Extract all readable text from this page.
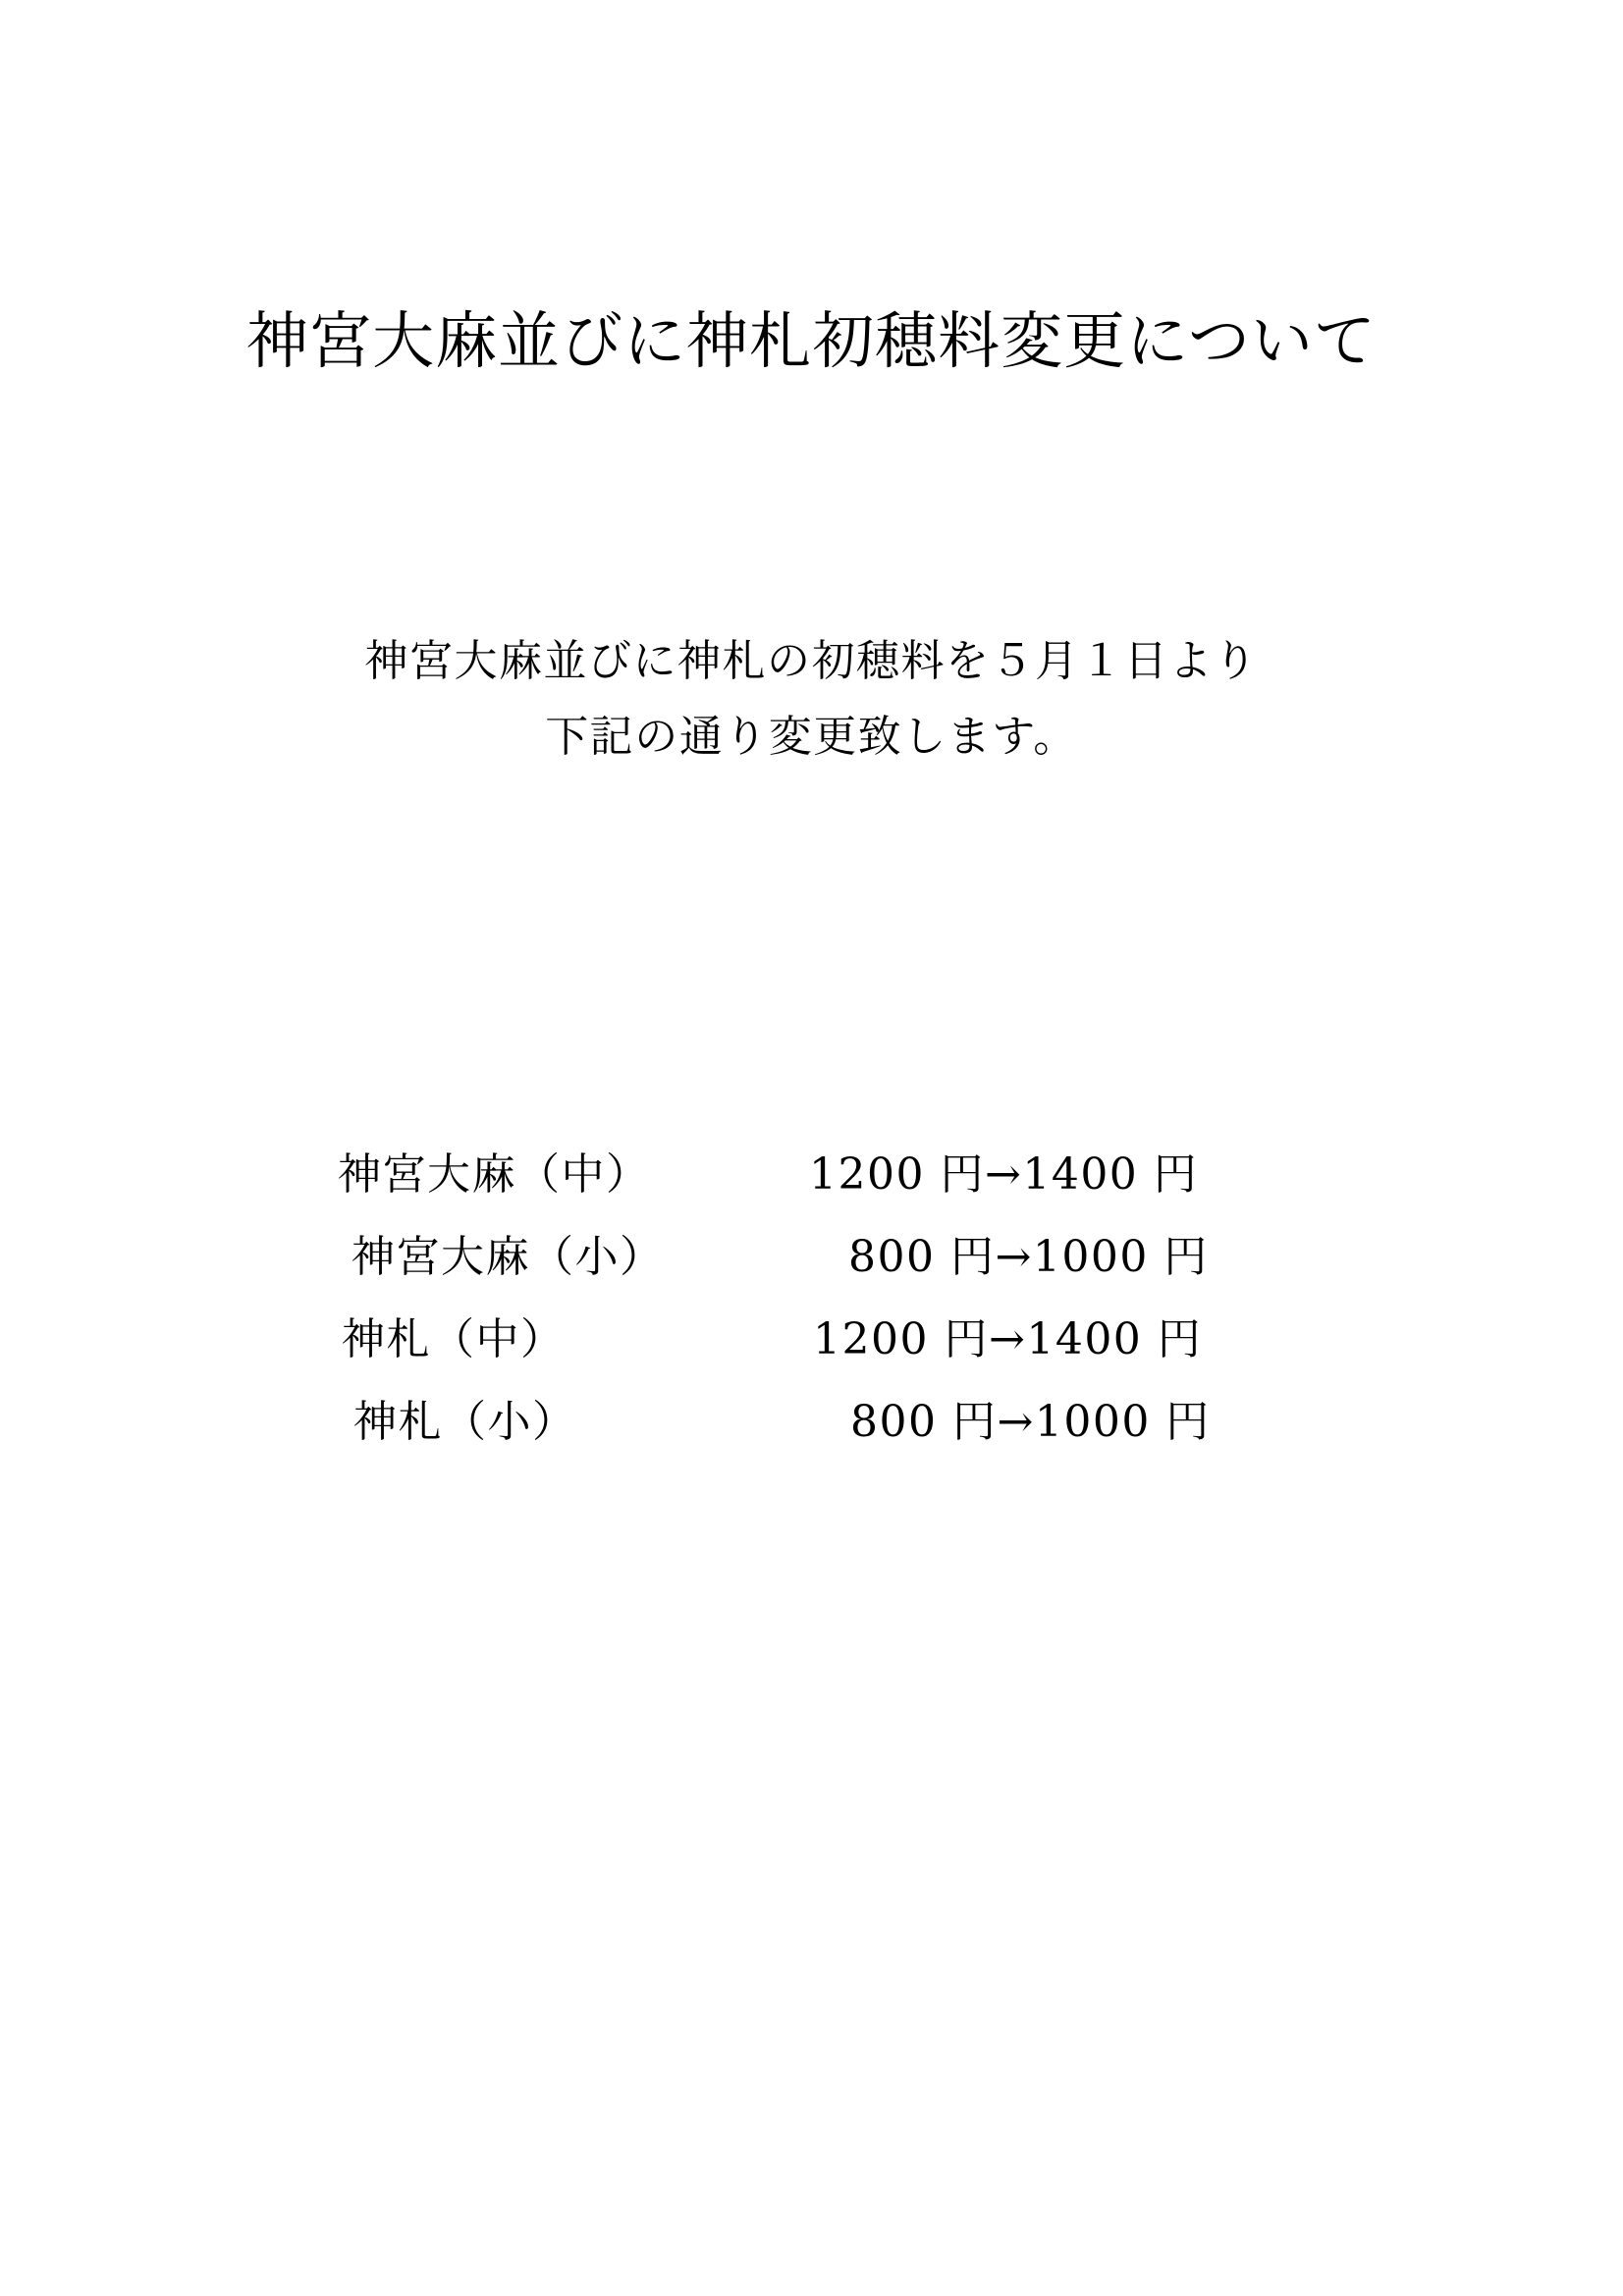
神宮大麻並びに神札初穂料変更について
神宮大麻並びに神札の初穂料を５月１日より
下記の通り変更致します。
神宮大麻（中）	1200 円→1400 円
神宮大麻（小）	800 円→1000 円
神札（中）	1200 円→1400 円
神札（小）	800 円→1000 円
